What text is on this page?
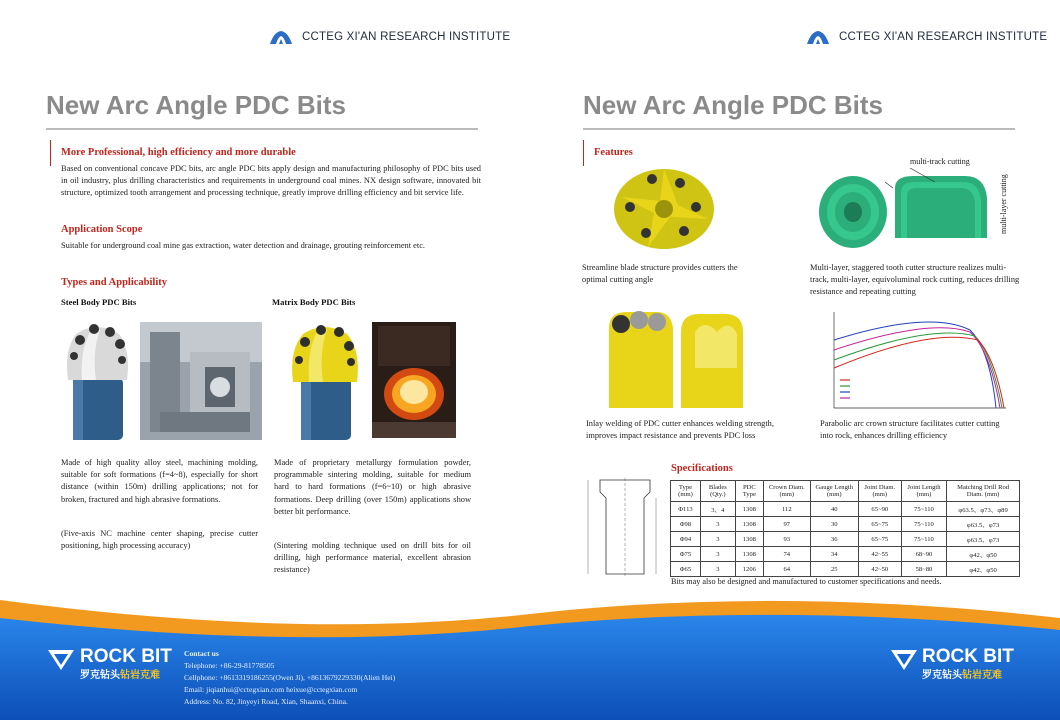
CCTEG XI'AN RESEARCH INSTITUTE	CCTEG XI'AN RESEARCH INSTITUTE
New Arc Angle PDC Bits
More Professional, high efficiency and more durable
Based on conventional concave PDC bits, arc angle PDC bits apply design and manufacturing philosophy of PDC bits used in oil industry, plus drilling characteristics and requirements in underground coal mines. NX design software, innovated bit structure, optimized tooth arrangement and processing technique, greatly improve drilling efficiency and bit service life.
Application Scope
Suitable for underground coal mine gas extraction, water detection and drainage, grouting reinforcement etc.
Types and Applicability
Steel Body PDC Bits	Matrix Body PDC Bits
Made of high quality alloy steel, machining molding, suitable for soft formations (f=4~8), especially for short distance (within 150m) drilling applications; not for broken, fractured and high abrasive formations.
(Five-axis NC machine center shaping, precise cutter positioning, high processing accuracy)
Made of proprietary metallurgy formulation powder, programmable sintering molding, suitable for medium hard to hard formations (f=6~10) or high abrasive formations. Deep drilling (over 150m) applications show better bit performance.
(Sintering molding technique used on drill bits for oil drilling, high performance material, excellent abrasion resistance)
New Arc Angle PDC Bits
Features
Streamline blade structure provides cutters the optimal cutting angle
multi-track cutting
multi-layer cutting
Multi-layer, staggered tooth cutter structure realizes multi-track, multi-layer, equivoluminal rock cutting, reduces drilling resistance and repeating cutting
Inlay welding of PDC cutter enhances welding strength, improves impact resistance and prevents PDC loss
Parabolic arc crown structure facilitates cutter cutting into rock, enhances drilling efficiency
Specifications
Type (mm)	Blades (Qty.)	PDC Type	Crown Diam. (mm)	Gauge Length (mm)	Joint Diam. (mm)	Joint Length (mm)	Matching Drill Rod Diam. (mm)
Φ113	3、4	1308	112	40	65~90	75~110	φ63.5、φ73、φ89
Φ98	3	1308	97	30	65~75	75~110	φ63.5、φ73
Φ94	3	1308	93	36	65~75	75~110	φ63.5、φ73
Φ75	3	1308	74	34	42~55	68~90	φ42、φ50
Φ65	3	1206	64	25	42~50	58~80	φ42、φ50
Bits may also be designed and manufactured to customer specifications and needs.
ROCK BIT
罗克钻头钻岩克难
Contact us
Telephone: +86-29-81778505
Cellphone: +8613319186255(Owen Ji), +8613679229330(Alien Hei)
Email: jiqianhui@cctegxian.com heixue@cctegxian.com
Address: No. 82, Jinyeyi Road, Xian, Shaanxi, China.
ROCK BIT
罗克钻头钻岩克难
